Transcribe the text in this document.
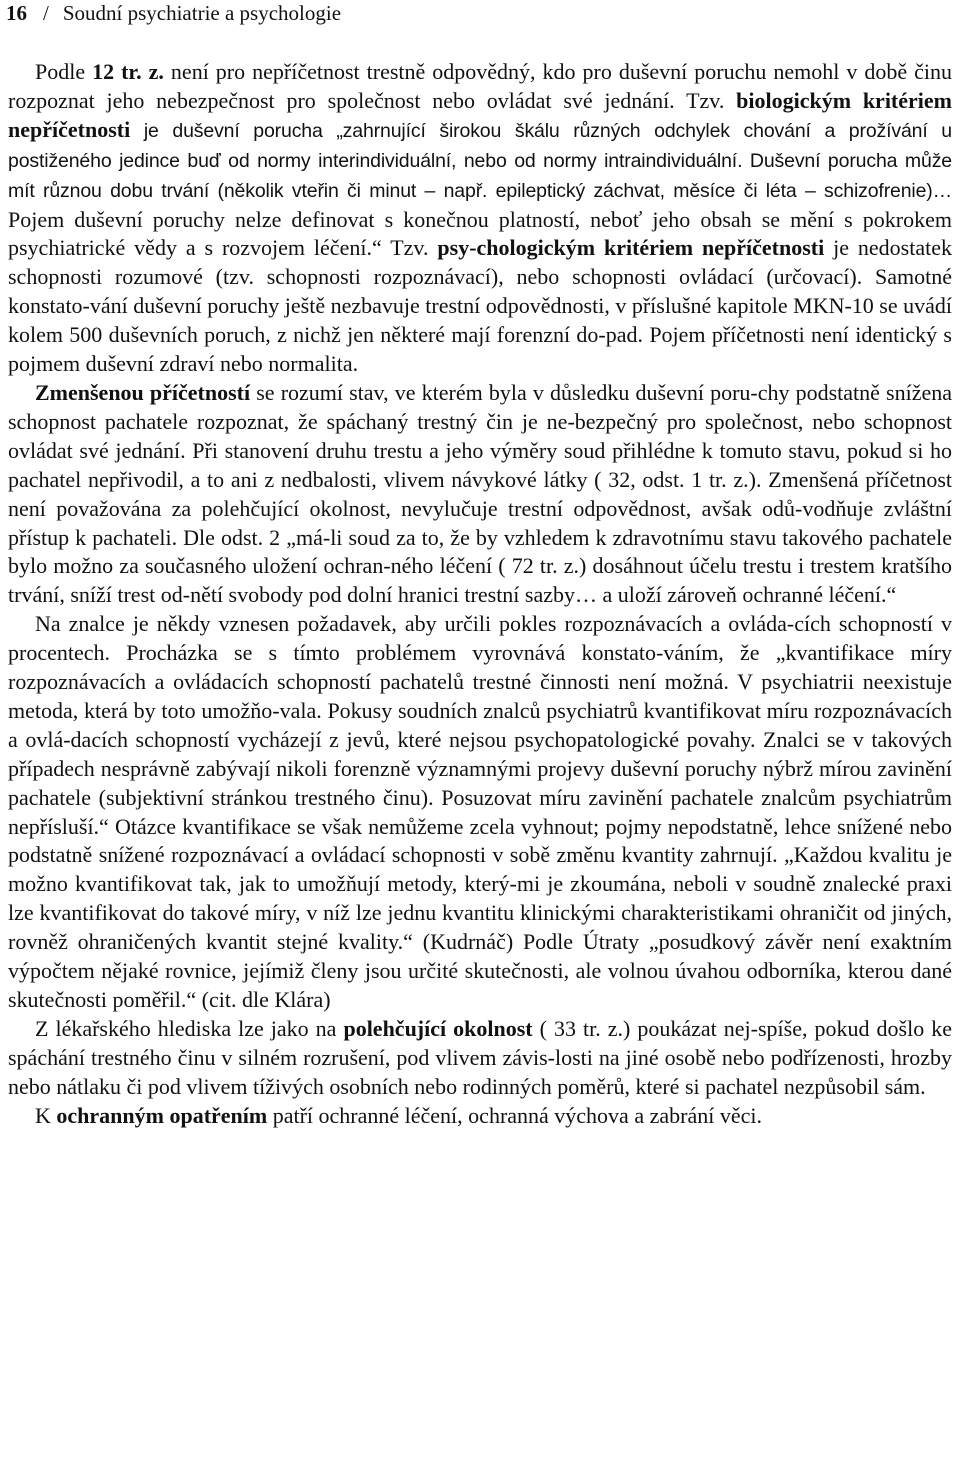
16 / Soudní psychiatrie a psychologie

Podle 12 tr. z. není pro nepříčetnost trestně odpovědný, kdo pro duševní poruchu nemohl v době činu rozpoznat jeho nebezpečnost pro společnost nebo ovládat své jednání. Tzv. biologickým kritériem nepříčetnosti je duševní porucha „zahrnující širokou škálu různých odchylek chování a prožívání u postiženého jedince buď od normy interindividuální, nebo od normy intraindividuální. Duševní porucha může mít různou dobu trvání (několik vteřin či minut – např. epileptický záchvat, měsíce či léta – schizofrenie)… Pojem duševní poruchy nelze definovat s konečnou platností, neboť jeho obsah se mění s pokrokem psychiatrické vědy a s rozvojem léčení.“ Tzv. psy-chologickým kritériem nepříčetnosti je nedostatek schopnosti rozumové (tzv. schopnosti rozpoznávací), nebo schopnosti ovládací (určovací). Samotné konstato-vání duševní poruchy ještě nezbavuje trestní odpovědnosti, v příslušné kapitole MKN-10 se uvádí kolem 500 duševních poruch, z nichž jen některé mají forenzní do-pad. Pojem příčetnosti není identický s pojmem duševní zdraví nebo normalita.

Zmenšenou příčetností se rozumí stav, ve kterém byla v důsledku duševní poru-chy podstatně snížena schopnost pachatele rozpoznat, že spáchaný trestný čin je ne-bezpečný pro společnost, nebo schopnost ovládat své jednání. Při stanovení druhu trestu a jeho výměry soud přihlédne k tomuto stavu, pokud si ho pachatel nepřivodil, a to ani z nedbalosti, vlivem návykové látky ( 32, odst. 1 tr. z.). Zmenšená příčetnost není považována za polehčující okolnost, nevylučuje trestní odpovědnost, avšak odů-vodňuje zvláštní přístup k pachateli. Dle odst. 2 „má-li soud za to, že by vzhledem k zdravotnímu stavu takového pachatele bylo možno za současného uložení ochran-ného léčení ( 72 tr. z.) dosáhnout účelu trestu i trestem kratšího trvání, sníží trest od-nětí svobody pod dolní hranici trestní sazby… a uloží zároveň ochranné léčení.“

Na znalce je někdy vznesen požadavek, aby určili pokles rozpoznávacích a ovláda-cích schopností v procentech. Procházka se s tímto problémem vyrovnává konstato-váním, že „kvantifikace míry rozpoznávacích a ovládacích schopností pachatelů trestné činnosti není možná. V psychiatrii neexistuje metoda, která by toto umožňo-vala. Pokusy soudních znalců psychiatrů kvantifikovat míru rozpoznávacích a ovlá-dacích schopností vycházejí z jevů, které nejsou psychopatologické povahy. Znalci se v takových případech nesprávně zabývají nikoli forenzně významnými projevy duševní poruchy nýbrž mírou zavinění pachatele (subjektivní stránkou trestného činu). Posuzovat míru zavinění pachatele znalcům psychiatrům nepřísluší.“ Otázce kvantifikace se však nemůžeme zcela vyhnout; pojmy nepodstatně, lehce snížené nebo podstatně snížené rozpoznávací a ovládací schopnosti v sobě změnu kvantity zahrnují. „Každou kvalitu je možno kvantifikovat tak, jak to umožňují metody, který-mi je zkoumána, neboli v soudně znalecké praxi lze kvantifikovat do takové míry, v níž lze jednu kvantitu klinickými charakteristikami ohraničit od jiných, rovněž ohraničených kvantit stejné kvality.“ (Kudrnáč) Podle Útraty „posudkový závěr není exaktním výpočtem nějaké rovnice, jejímiž členy jsou určité skutečnosti, ale volnou úvahou odborníka, kterou dané skutečnosti poměřil.“ (cit. dle Klára)

Z lékařského hlediska lze jako na polehčující okolnost ( 33 tr. z.) poukázat nej-spíše, pokud došlo ke spáchání trestného činu v silném rozrušení, pod vlivem závis-losti na jiné osobě nebo podřízenosti, hrozby nebo nátlaku či pod vlivem tíživých osobních nebo rodinných poměrů, které si pachatel nezpůsobil sám.

K ochranným opatřením patří ochranné léčení, ochranná výchova a zabrání věci.
